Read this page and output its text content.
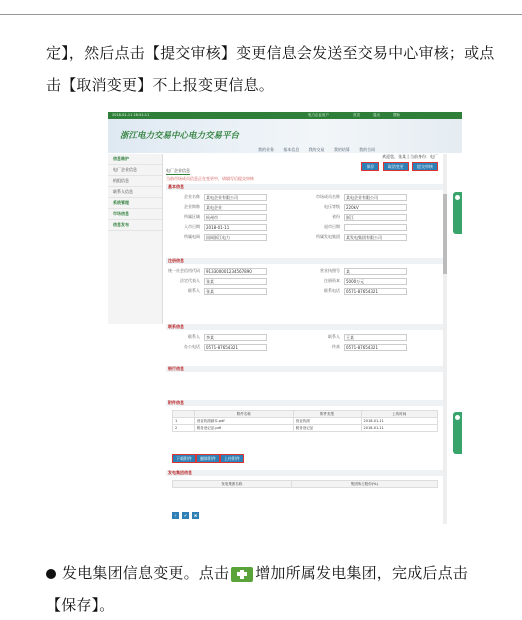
定】，然后点击【提交审核】变更信息会发送至交易中心审核；或点
击【取消变更】不上报变更信息。
2018-01-11 16:51:11	电力企业用户	首页	退出	帮助
浙江电力交易中心电力交易平台
我的业务 基本信息 我的交易 我的结算 我的合同
信息维护
电厂企业信息
机组信息
联系人信息
系统管理
市场信息
信息发布
欢迎您，张某 | 当前身份：电厂
保存	取消变更	提交审核
电厂企业信息
当前市场成员信息正在变更中，请填写后提交审核
基本信息
企业名称	某电企业有限公司	市场成员名称	某电企业有限公司
企业简称	某电企业	电压等级	220kV
所属区域	杭州市	省份	浙江
入市日期	2018-01-11	退市日期
所属电网	国网浙江电力	所属发电集团	某发电集团有限公司
注册信息
统一社会信用代码	913300001234567890	营业执照号	某
法定代表人	张某	注册资本	5000万元
联系人	张某	联系电话	0571-87654321
联系信息
联系人	李某	联系人	王某
办公电话	0571-87654321	传真	0571-87654321
银行信息
附件信息
	附件名称	附件类型	上传时间
1	营业执照副本.pdf	营业执照	2018-01-11
2	税务登记证.pdf	税务登记证	2018-01-11
下载附件	删除附件	上传附件
发电集团信息
发电集团名称	集团所占股份(%)
＋	✔	✖
发电集团信息变更。点击 增加所属发电集团，完成后点击
【保存】。
